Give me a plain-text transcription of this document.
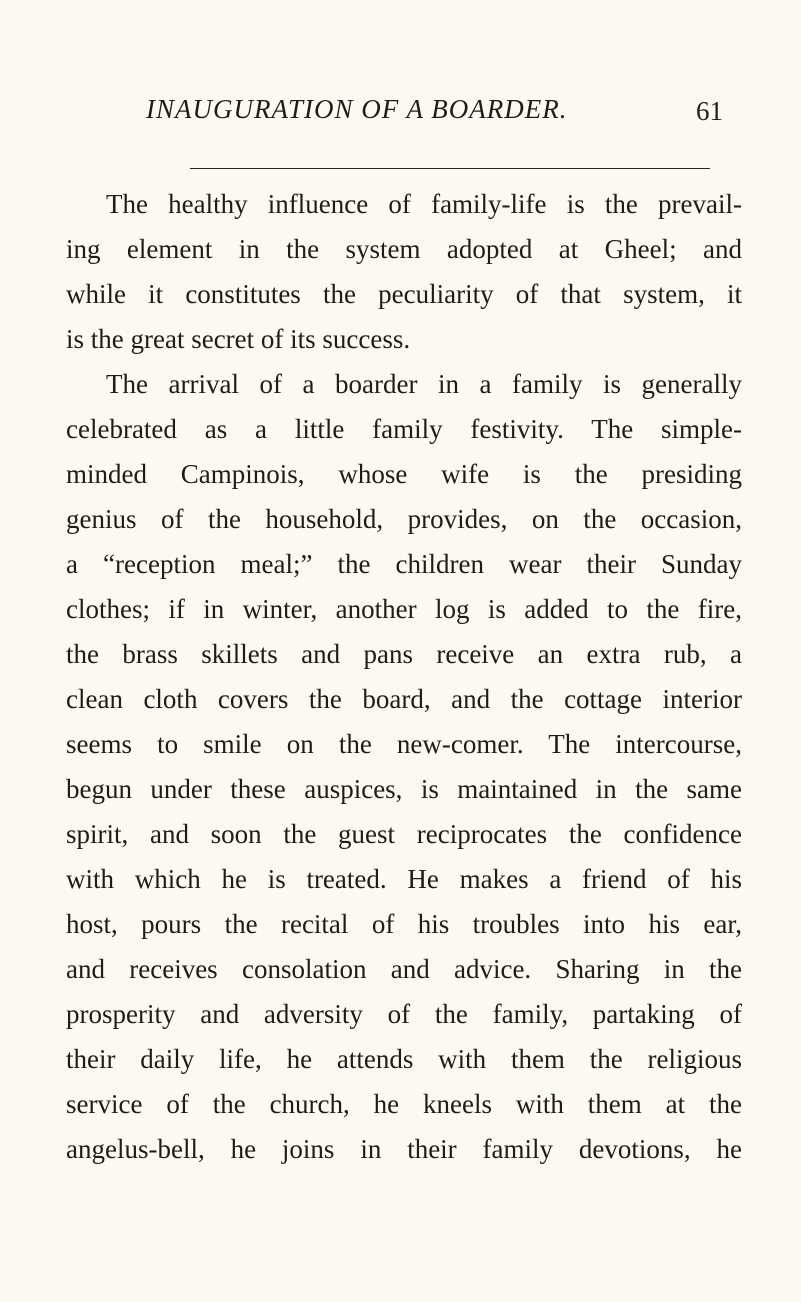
INAUGURATION OF A BOARDER.	61
The healthy influence of family-life is the prevail-
ing element in the system adopted at Gheel; and
while it constitutes the peculiarity of that system, it
is the great secret of its success.
The arrival of a boarder in a family is generally
celebrated as a little family festivity. The simple-
minded Campinois, whose wife is the presiding
genius of the household, provides, on the occasion,
a “reception meal;” the children wear their Sunday
clothes; if in winter, another log is added to the fire,
the brass skillets and pans receive an extra rub, a
clean cloth covers the board, and the cottage interior
seems to smile on the new-comer. The intercourse,
begun under these auspices, is maintained in the same
spirit, and soon the guest reciprocates the confidence
with which he is treated. He makes a friend of his
host, pours the recital of his troubles into his ear,
and receives consolation and advice. Sharing in the
prosperity and adversity of the family, partaking of
their daily life, he attends with them the religious
service of the church, he kneels with them at the
angelus-bell, he joins in their family devotions, he
